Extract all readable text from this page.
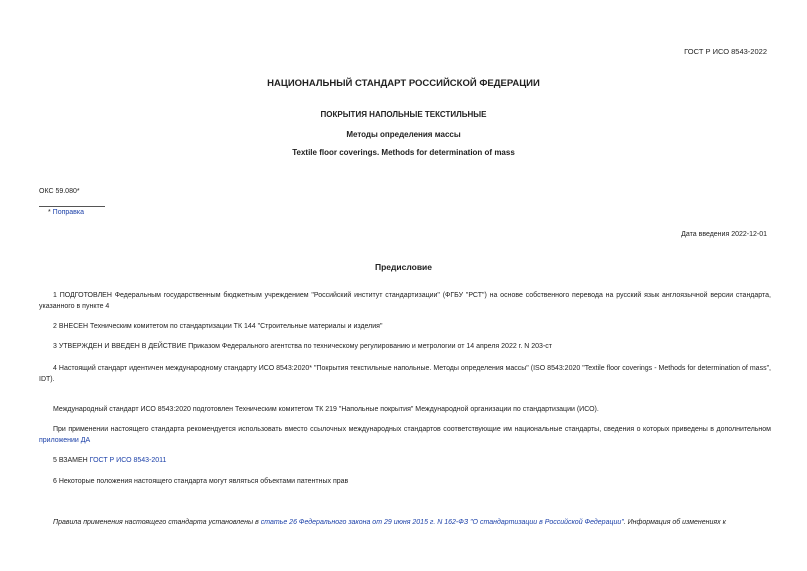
ГОСТ Р ИСО 8543-2022
НАЦИОНАЛЬНЫЙ СТАНДАРТ РОССИЙСКОЙ ФЕДЕРАЦИИ
ПОКРЫТИЯ НАПОЛЬНЫЕ ТЕКСТИЛЬНЫЕ
Методы определения массы
Textile floor coverings. Methods for determination of mass
ОКС 59.080*
* Поправка
Дата введения 2022-12-01
Предисловие
1 ПОДГОТОВЛЕН Федеральным государственным бюджетным учреждением "Российский институт стандартизации" (ФГБУ "РСТ") на основе собственного перевода на русский язык англоязычной версии стандарта, указанного в пункте 4
2 ВНЕСЕН Техническим комитетом по стандартизации ТК 144 "Строительные материалы и изделия"
3 УТВЕРЖДЕН И ВВЕДЕН В ДЕЙСТВИЕ Приказом Федерального агентства по техническому регулированию и метрологии от 14 апреля 2022 г. N 203-ст
4 Настоящий стандарт идентичен международному стандарту ИСО 8543:2020* "Покрытия текстильные напольные. Методы определения массы" (ISO 8543:2020 "Textile floor coverings - Methods for determination of mass", IDT).
Международный стандарт ИСО 8543:2020 подготовлен Техническим комитетом ТК 219 "Напольные покрытия" Международной организации по стандартизации (ИСО).
При применении настоящего стандарта рекомендуется использовать вместо ссылочных международных стандартов соответствующие им национальные стандарты, сведения о которых приведены в дополнительном приложении ДА
5 ВЗАМЕН ГОСТ Р ИСО 8543-2011
6 Некоторые положения настоящего стандарта могут являться объектами патентных прав
Правила применения настоящего стандарта установлены в статье 26 Федерального закона от 29 июня 2015 г. N 162-ФЗ "О стандартизации в Российской Федерации". Информация об изменениях к
